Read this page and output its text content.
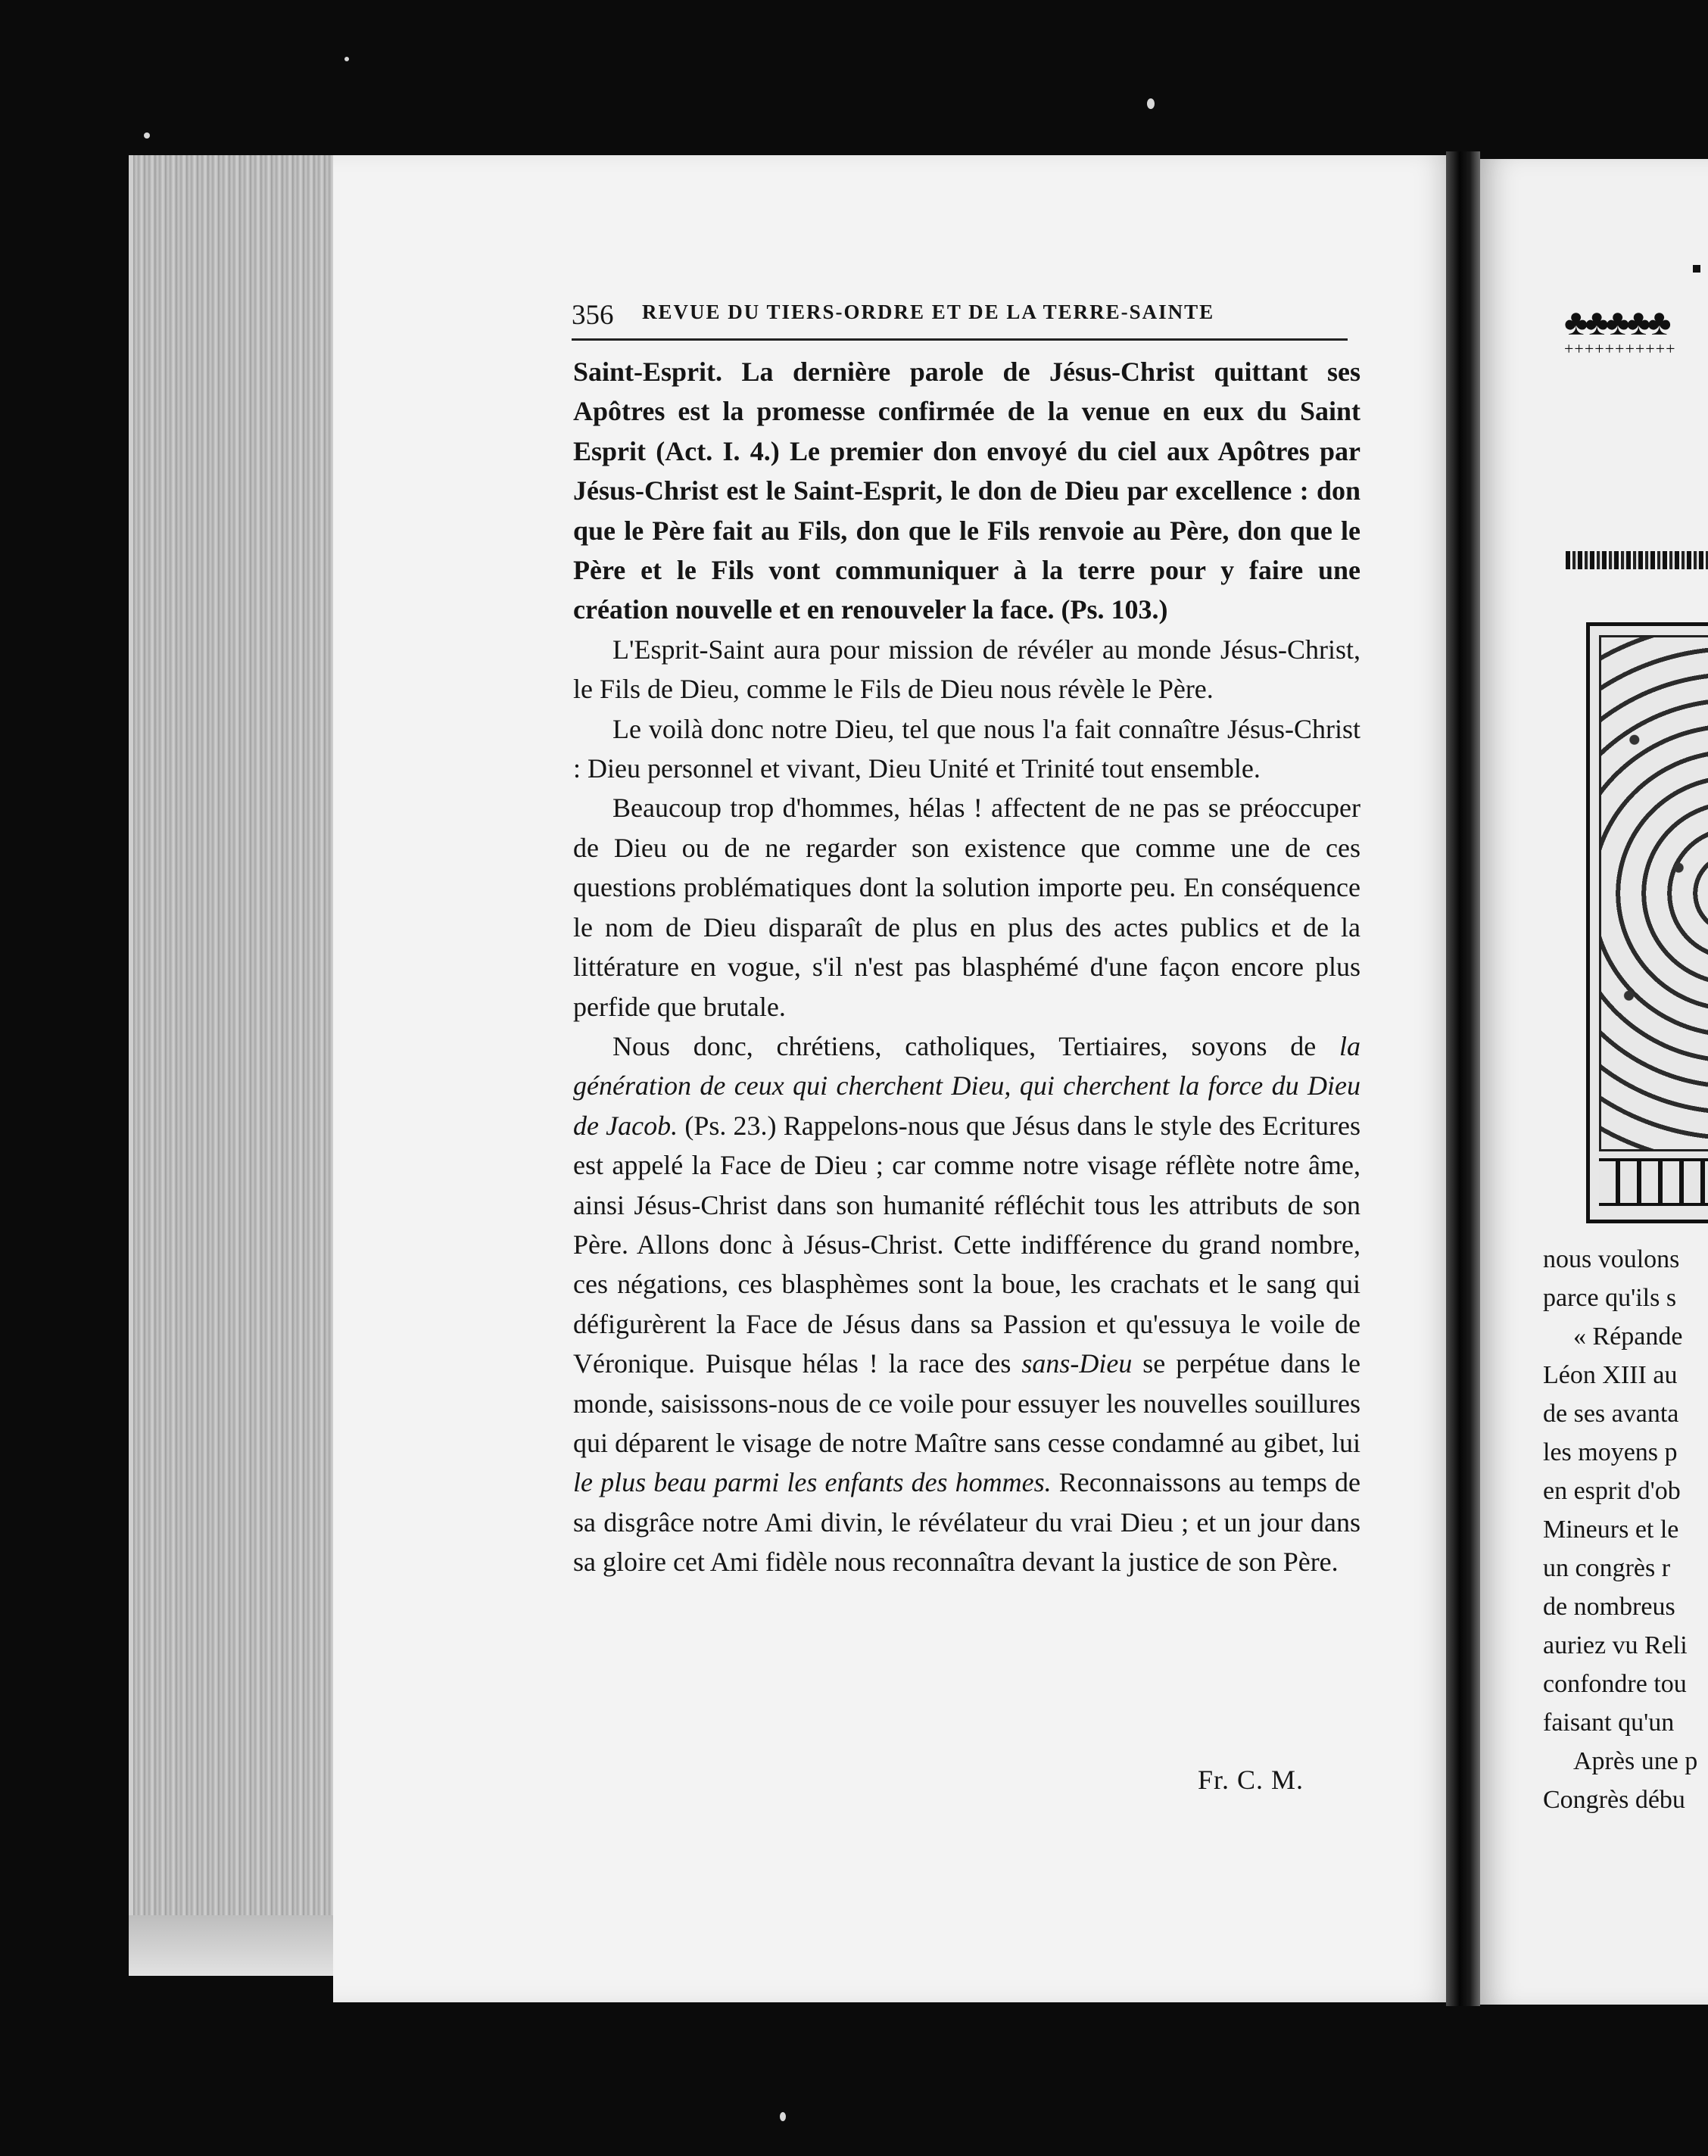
356 REVUE DU TIERS-ORDRE ET DE LA TERRE-SAINTE

Saint-Esprit. La dernière parole de Jésus-Christ quittant ses Apôtres est la promesse confirmée de la venue en eux du Saint Esprit (Act. I. 4.) Le premier don envoyé du ciel aux Apôtres par Jésus-Christ est le Saint-Esprit, le don de Dieu par excellence : don que le Père fait au Fils, don que le Fils renvoie au Père, don que le Père et le Fils vont communiquer à la terre pour y faire une création nouvelle et en renouveler la face. (Ps. 103.)

L'Esprit-Saint aura pour mission de révéler au monde Jésus-Christ, le Fils de Dieu, comme le Fils de Dieu nous révèle le Père.

Le voilà donc notre Dieu, tel que nous l'a fait connaître Jésus-Christ : Dieu personnel et vivant, Dieu Unité et Trinité tout ensemble.

Beaucoup trop d'hommes, hélas ! affectent de ne pas se préoccuper de Dieu ou de ne regarder son existence que comme une de ces questions problématiques dont la solution importe peu. En conséquence le nom de Dieu disparaît de plus en plus des actes publics et de la littérature en vogue, s'il n'est pas blasphémé d'une façon encore plus perfide que brutale.

Nous donc, chrétiens, catholiques, Tertiaires, soyons de la génération de ceux qui cherchent Dieu, qui cherchent la force du Dieu de Jacob. (Ps. 23.) Rappelons-nous que Jésus dans le style des Ecritures est appelé la Face de Dieu ; car comme notre visage réflète notre âme, ainsi Jésus-Christ dans son humanité réfléchit tous les attributs de son Père. Allons donc à Jésus-Christ. Cette indifférence du grand nombre, ces négations, ces blasphèmes sont la boue, les crachats et le sang qui défigurèrent la Face de Jésus dans sa Passion et qu'essuya le voile de Véronique. Puisque hélas ! la race des sans-Dieu se perpétue dans le monde, saisissons-nous de ce voile pour essuyer les nouvelles souillures qui déparent le visage de notre Maître sans cesse condamné au gibet, lui le plus beau parmi les enfants des hommes. Reconnaissons au temps de sa disgrâce notre Ami divin, le révélateur du vrai Dieu ; et un jour dans sa gloire cet Ami fidèle nous reconnaîtra devant la justice de son Père.

Fr. C. M.
♣♣♣♣♣
+++++++++++
nous voulons
parce qu'ils s
« Répande
Léon XIII au
de ses avanta
les moyens p
en esprit d'ob
Mineurs et le
un congrès r
de nombreus
auriez vu Reli
confondre tou
faisant qu'un
Après une p
Congrès débu
